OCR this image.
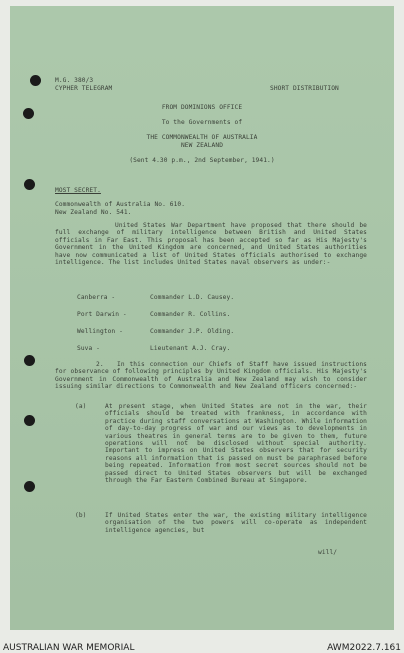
M.G. 380/3
CYPHER TELEGRAM	SHORT DISTRIBUTION
FROM DOMINIONS OFFICE
To the Governments of
THE COMMONWEALTH OF AUSTRALIA
NEW ZEALAND
(Sent 4.30 p.m., 2nd September, 1941.)
MOST SECRET.
Commonwealth of Australia No. 610.
New Zealand No. 541.
United States War Department have proposed that there should be full exchange of military intelligence between British and United States officials in Far East. This proposal has been accepted so far as His Majesty's Government in the United Kingdom are concerned, and United States authorities have now communicated a list of United States officials authorised to exchange intelligence. The list includes United States naval observers as under:-
Canberra -	Commander L.D. Causey.
Port Darwin -	Commander R. Collins.
Wellington -	Commander J.P. Olding.
Suva -	Lieutenant A.J. Cray.
2.	In this connection our Chiefs of Staff have issued instructions for observance of following principles by United Kingdom officials. His Majesty's Government in Commonwealth of Australia and New Zealand may wish to consider issuing similar directions to Commonwealth and New Zealand officers concerned:-
(a)	At present stage, when United States are not in the war, their officials should be treated with frankness, in accordance with practice during staff conversations at Washington. While information of day-to-day progress of war and our views as to developments in various theatres in general terms are to be given to them, future operations will not be disclosed without special authority. Important to impress on United States observers that for security reasons all information that is passed on must be paraphrased before being repeated. Information from most secret sources should not be passed direct to United States observers but will be exchanged through the Far Eastern Combined Bureau at Singapore.
(b)	If United States enter the war, the existing military intelligence organisation of the two powers will co-operate as independent intelligence agencies, but
will/
AUSTRALIAN WAR MEMORIAL	AWM2022.7.161
